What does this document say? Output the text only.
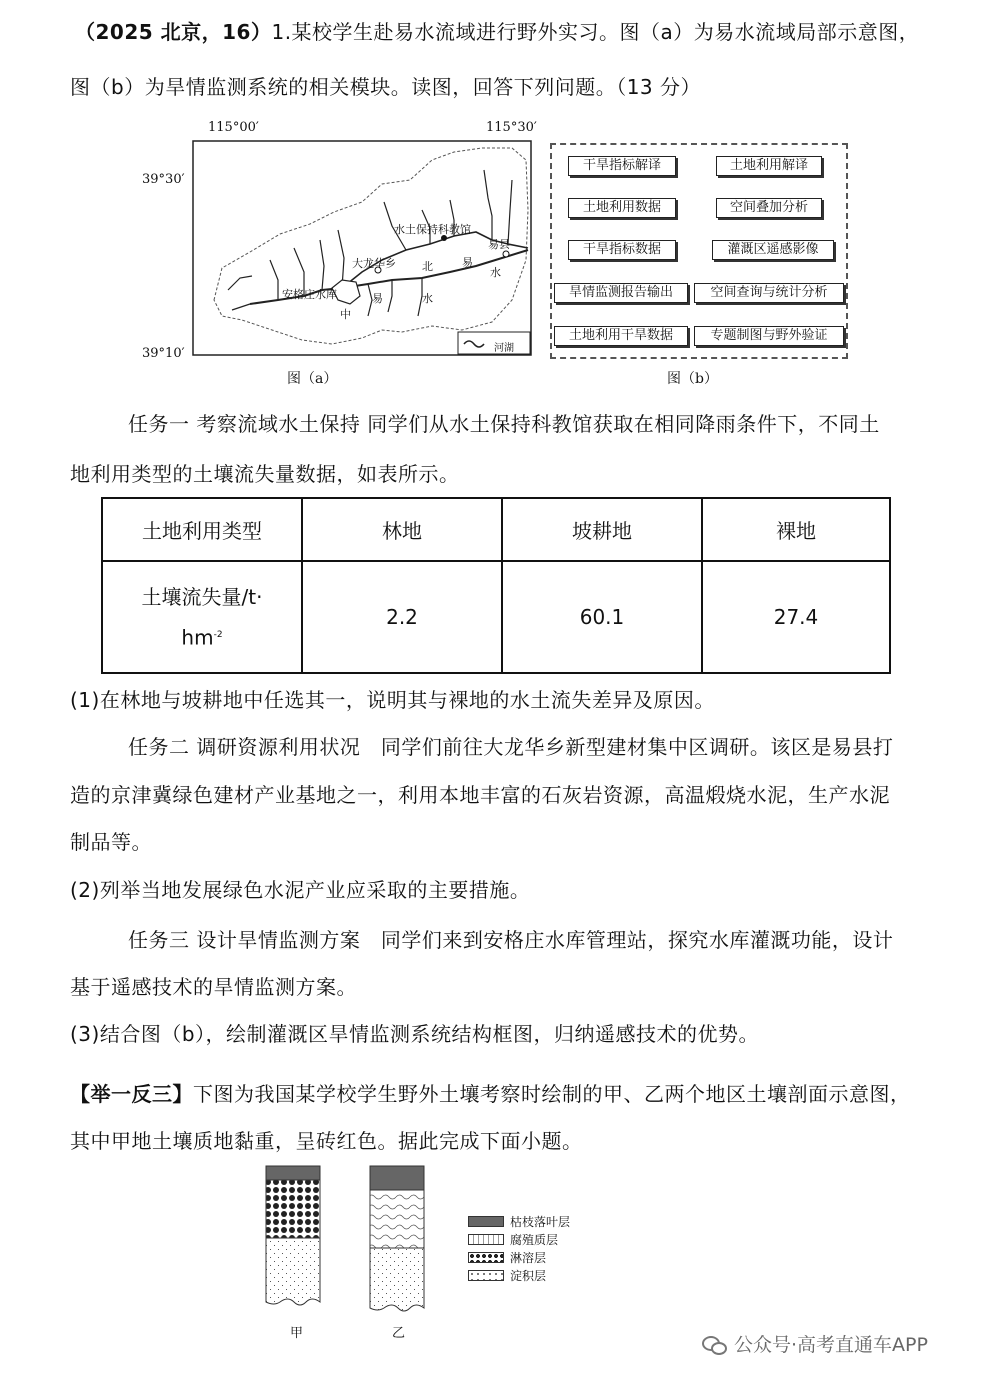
（2025 北京，16）1.某校学生赴易水流域进行野外实习。图（a）为易水流域局部示意图，
图（b）为旱情监测系统的相关模块。读图，回答下列问题。（13 分）
115°00′	115°30′
39°30′
39°10′
水土保持科教馆
大龙华乡
易县
安格庄水库
北	易
水
易	水
中
河湖
图（a）
干旱指标解译	土地利用解译
土地利用数据	空间叠加分析
干旱指标数据	灌溉区遥感影像
旱情监测报告输出	空间查询与统计分析
土地利用干旱数据	专题制图与野外验证
图（b）
任务一 考察流域水土保持 同学们从水土保持科教馆获取在相同降雨条件下，不同土
地利用类型的土壤流失量数据，如表所示。
土地利用类型	林地	坡耕地	裸地
土壤流失量/t·
$hm^{-2}$	2.2	60.1	27.4
(1)在林地与坡耕地中任选其一，说明其与裸地的水土流失差异及原因。
任务二 调研资源利用状况　同学们前往大龙华乡新型建材集中区调研。该区是易县打
造的京津冀绿色建材产业基地之一，利用本地丰富的石灰岩资源，高温煅烧水泥，生产水泥
制品等。
(2)列举当地发展绿色水泥产业应采取的主要措施。
任务三 设计旱情监测方案　同学们来到安格庄水库管理站，探究水库灌溉功能，设计
基于遥感技术的旱情监测方案。
(3)结合图（b），绘制灌溉区旱情监测系统结构框图，归纳遥感技术的优势。
【举一反三】下图为我国某学校学生野外土壤考察时绘制的甲、乙两个地区土壤剖面示意图，
其中甲地土壤质地黏重，呈砖红色。据此完成下面小题。
甲	乙
枯枝落叶层
腐殖质层
淋溶层
淀积层
公众号·高考直通车APP
